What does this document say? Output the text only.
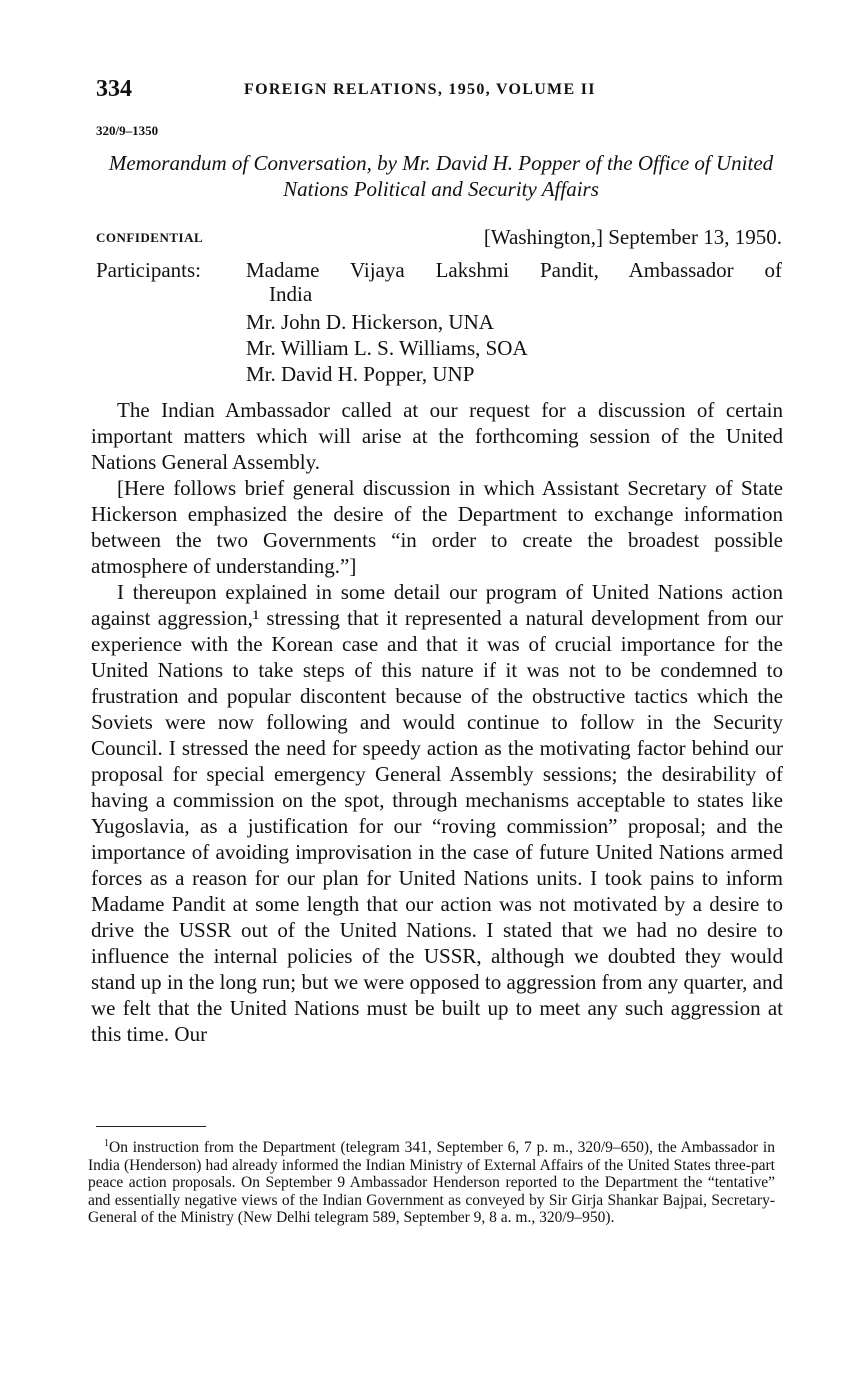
334	FOREIGN RELATIONS, 1950, VOLUME II
320/9–1350
Memorandum of Conversation, by Mr. David H. Popper of the Office of United Nations Political and Security Affairs
CONFIDENTIAL	[Washington,] September 13, 1950.
Participants: Madame Vijaya Lakshmi Pandit, Ambassador of
India
Mr. John D. Hickerson, UNA
Mr. William L. S. Williams, SOA
Mr. David H. Popper, UNP

The Indian Ambassador called at our request for a discussion of certain important matters which will arise at the forthcoming session of the United Nations General Assembly.

[Here follows brief general discussion in which Assistant Secretary of State Hickerson emphasized the desire of the Department to exchange information between the two Governments “in order to create the broadest possible atmosphere of understanding.”]

I thereupon explained in some detail our program of United Nations action against aggression,¹ stressing that it represented a natural development from our experience with the Korean case and that it was of crucial importance for the United Nations to take steps of this nature if it was not to be condemned to frustration and popular discontent because of the obstructive tactics which the Soviets were now following and would continue to follow in the Security Council. I stressed the need for speedy action as the motivating factor behind our proposal for special emergency General Assembly sessions; the desirability of having a commission on the spot, through mechanisms acceptable to states like Yugoslavia, as a justification for our “roving commission” proposal; and the importance of avoiding improvisation in the case of future United Nations armed forces as a reason for our plan for United Nations units. I took pains to inform Madame Pandit at some length that our action was not motivated by a desire to drive the USSR out of the United Nations. I stated that we had no desire to influence the internal policies of the USSR, although we doubted they would stand up in the long run; but we were opposed to aggression from any quarter, and we felt that the United Nations must be built up to meet any such aggression at this time. Our

$^1$On instruction from the Department (telegram 341, September 6, 7 p. m., 320/9–650), the Ambassador in India (Henderson) had already informed the Indian Ministry of External Affairs of the United States three-part peace action proposals. On September 9 Ambassador Henderson reported to the Department the “tentative” and essentially negative views of the Indian Government as conveyed by Sir Girja Shankar Bajpai, Secretary-General of the Ministry (New Delhi telegram 589, September 9, 8 a. m., 320/9–950).
